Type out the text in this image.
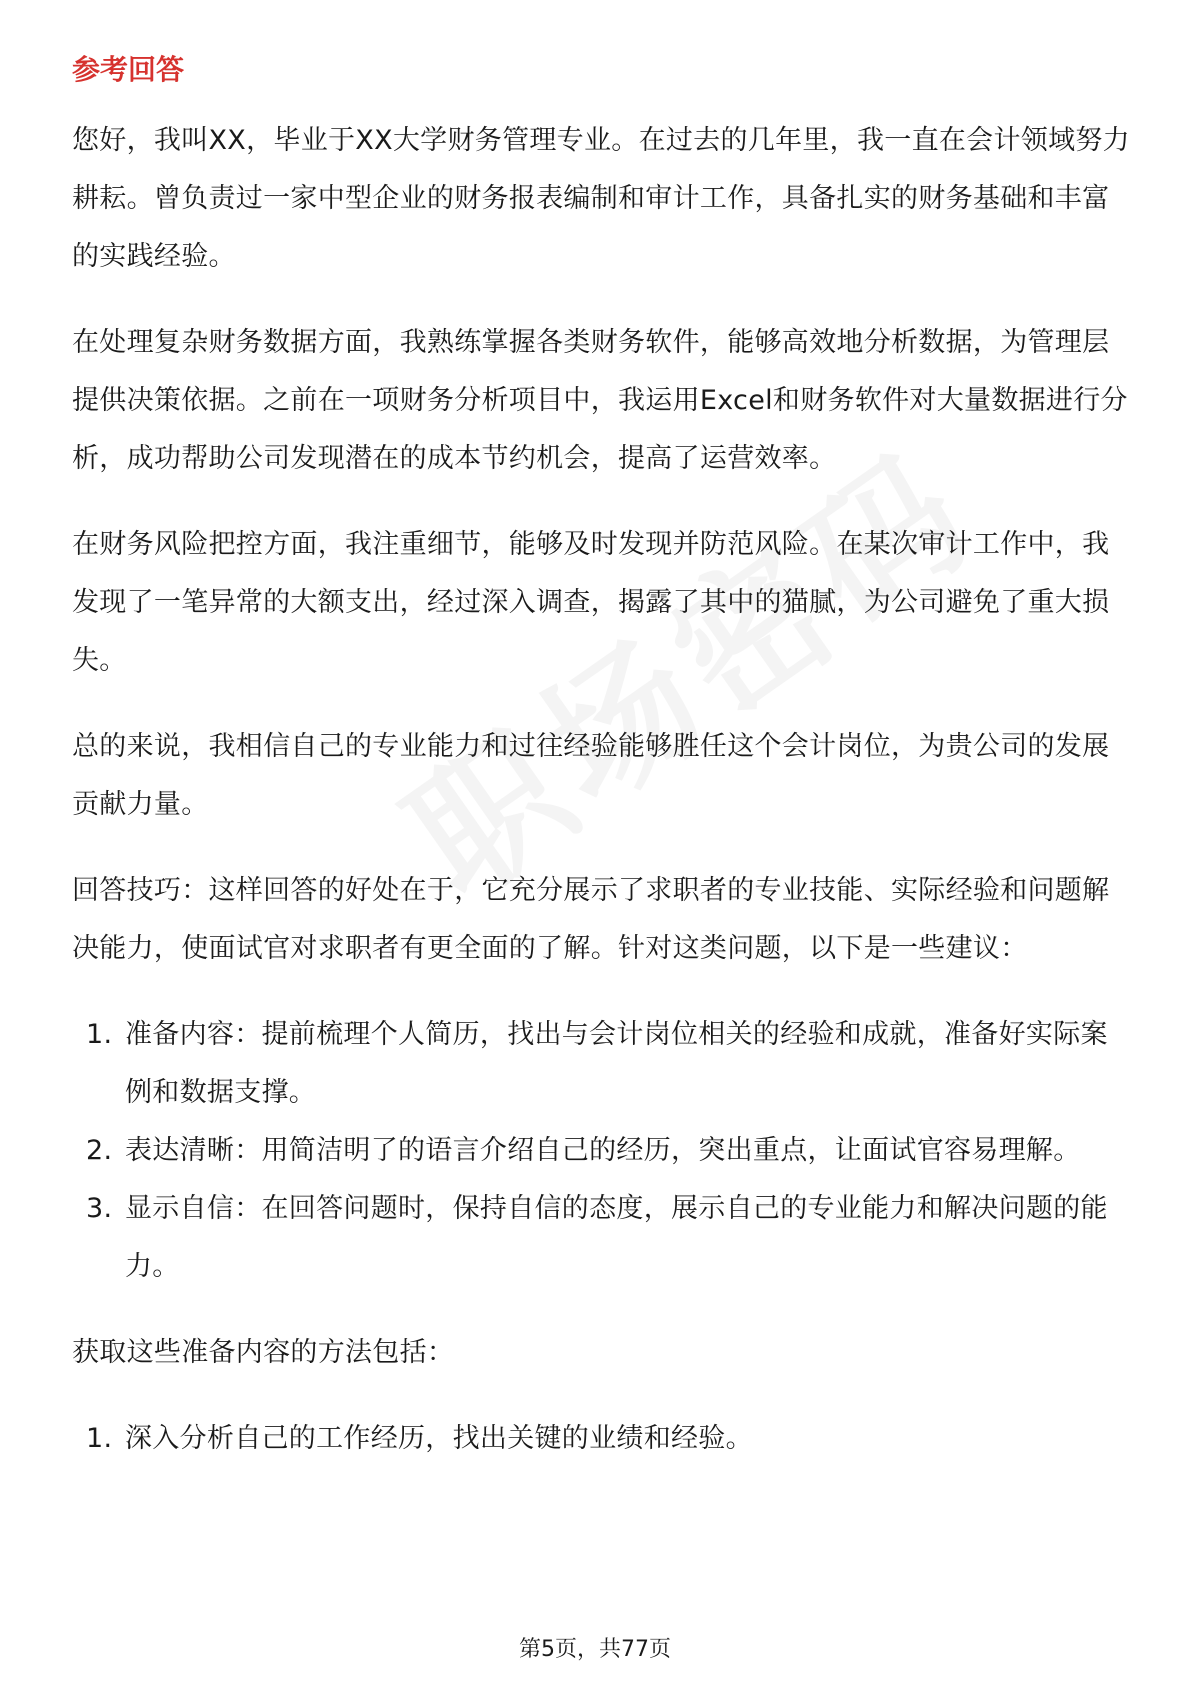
参考回答

您好，我叫XX，毕业于XX大学财务管理专业。在过去的几年里，我一直在会计领域努力耕耘。曾负责过一家中型企业的财务报表编制和审计工作，具备扎实的财务基础和丰富的实践经验。

在处理复杂财务数据方面，我熟练掌握各类财务软件，能够高效地分析数据，为管理层提供决策依据。之前在一项财务分析项目中，我运用Excel和财务软件对大量数据进行分析，成功帮助公司发现潜在的成本节约机会，提高了运营效率。

在财务风险把控方面，我注重细节，能够及时发现并防范风险。在某次审计工作中，我发现了一笔异常的大额支出，经过深入调查，揭露了其中的猫腻，为公司避免了重大损失。

总的来说，我相信自己的专业能力和过往经验能够胜任这个会计岗位，为贵公司的发展贡献力量。

回答技巧：这样回答的好处在于，它充分展示了求职者的专业技能、实际经验和问题解决能力，使面试官对求职者有更全面的了解。针对这类问题，以下是一些建议：

1. 准备内容：提前梳理个人简历，找出与会计岗位相关的经验和成就，准备好实际案例和数据支撑。
2. 表达清晰：用简洁明了的语言介绍自己的经历，突出重点，让面试官容易理解。
3. 显示自信：在回答问题时，保持自信的态度，展示自己的专业能力和解决问题的能力。

获取这些准备内容的方法包括：

1. 深入分析自己的工作经历，找出关键的业绩和经验。
第5页，共77页
